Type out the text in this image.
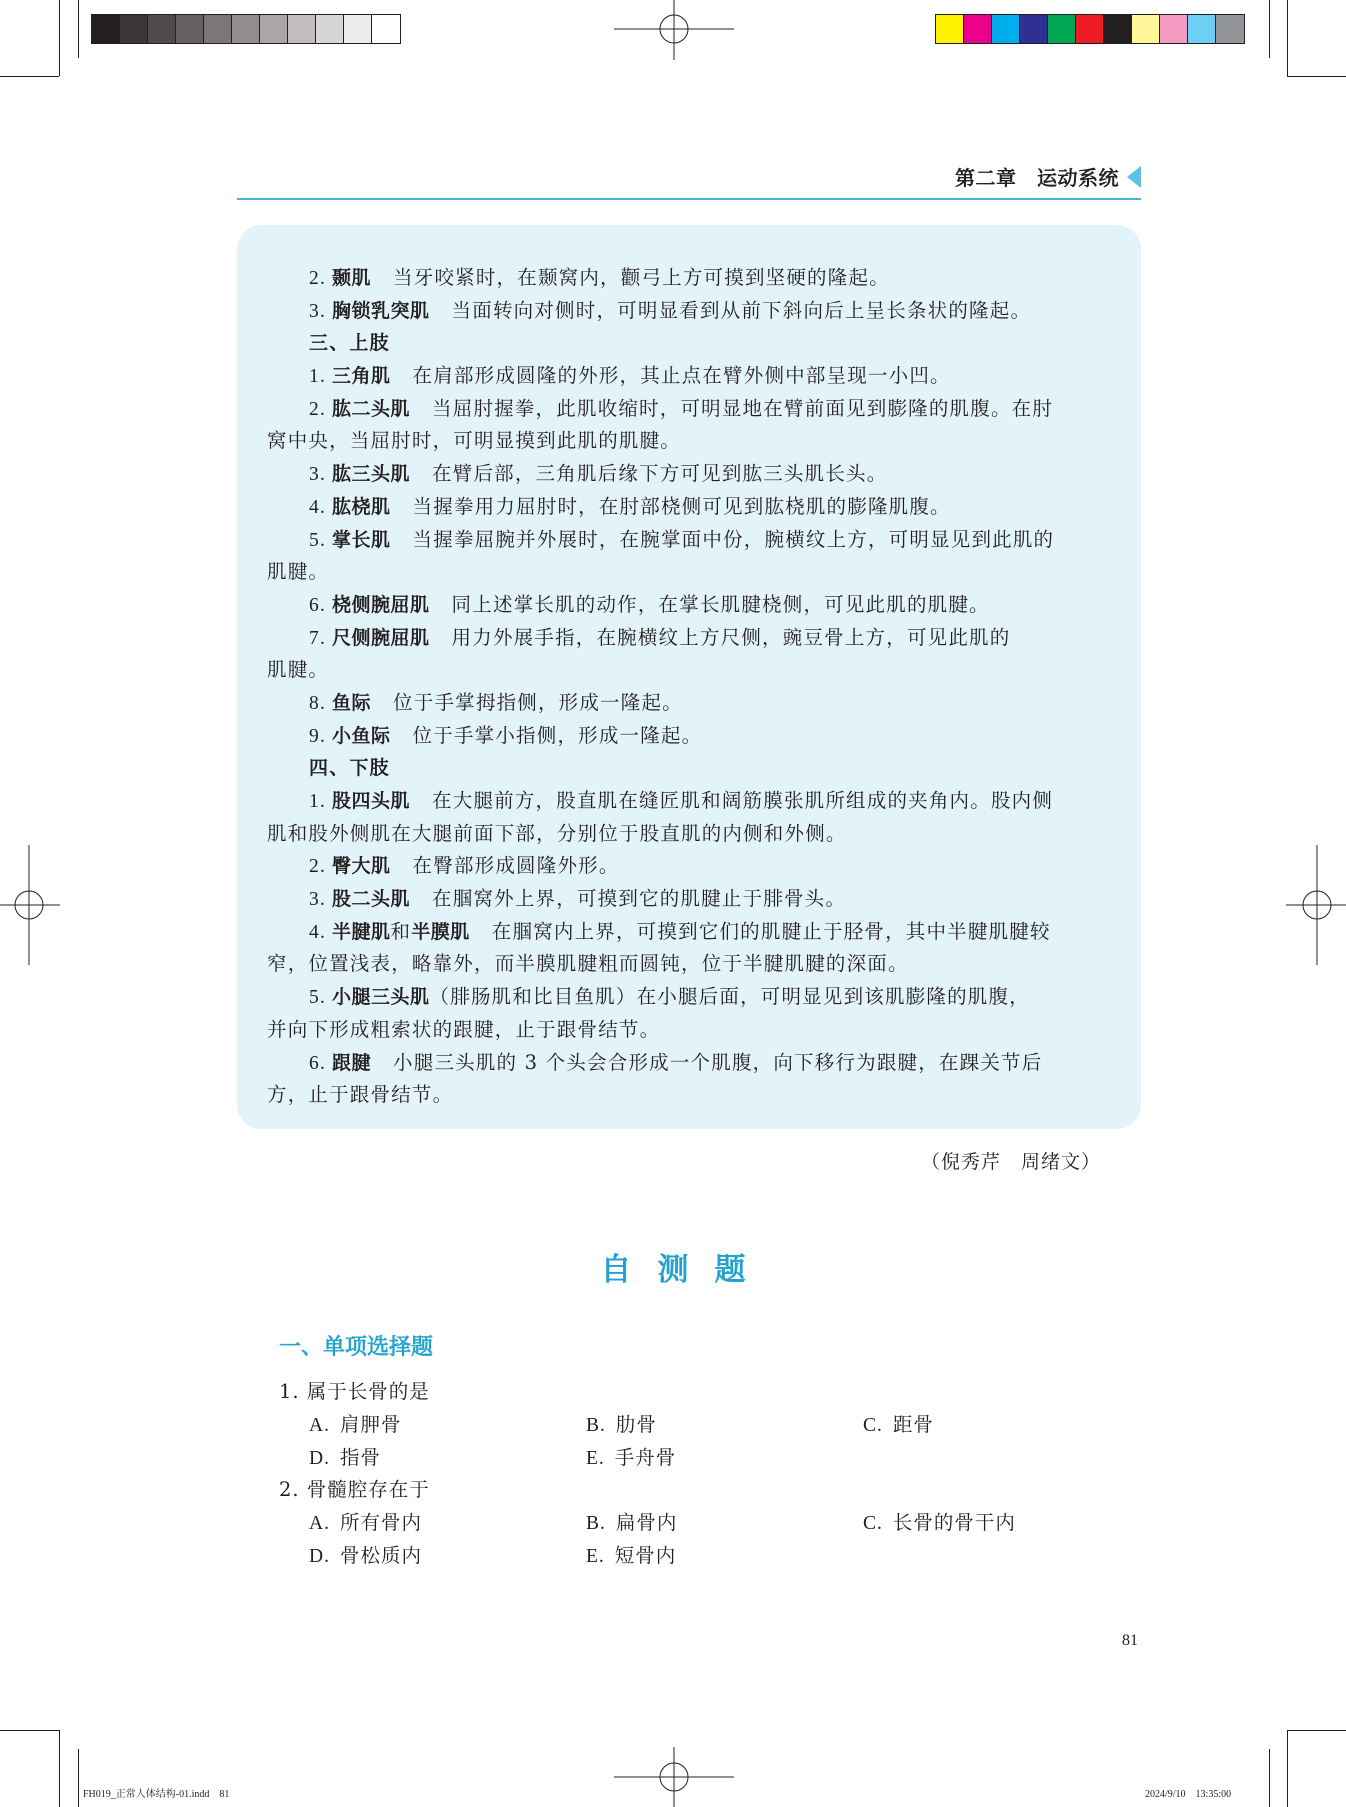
第二章　运动系统
2. 颞肌 当牙咬紧时，在颞窝内，颧弓上方可摸到坚硬的隆起。
3. 胸锁乳突肌 当面转向对侧时，可明显看到从前下斜向后上呈长条状的隆起。
三、上肢
1. 三角肌 在肩部形成圆隆的外形，其止点在臂外侧中部呈现一小凹。
2. 肱二头肌 当屈肘握拳，此肌收缩时，可明显地在臂前面见到膨隆的肌腹。在肘
窝中央，当屈肘时，可明显摸到此肌的肌腱。
3. 肱三头肌 在臂后部，三角肌后缘下方可见到肱三头肌长头。
4. 肱桡肌 当握拳用力屈肘时，在肘部桡侧可见到肱桡肌的膨隆肌腹。
5. 掌长肌 当握拳屈腕并外展时，在腕掌面中份，腕横纹上方，可明显见到此肌的
肌腱。
6. 桡侧腕屈肌 同上述掌长肌的动作，在掌长肌腱桡侧，可见此肌的肌腱。
7. 尺侧腕屈肌 用力外展手指，在腕横纹上方尺侧，豌豆骨上方，可见此肌的
肌腱。
8. 鱼际 位于手掌拇指侧，形成一隆起。
9. 小鱼际 位于手掌小指侧，形成一隆起。
四、下肢
1. 股四头肌 在大腿前方，股直肌在缝匠肌和阔筋膜张肌所组成的夹角内。股内侧
肌和股外侧肌在大腿前面下部，分别位于股直肌的内侧和外侧。
2. 臀大肌 在臀部形成圆隆外形。
3. 股二头肌 在腘窝外上界，可摸到它的肌腱止于腓骨头。
4. 半腱肌和半膜肌 在腘窝内上界，可摸到它们的肌腱止于胫骨，其中半腱肌腱较
窄，位置浅表，略靠外，而半膜肌腱粗而圆钝，位于半腱肌腱的深面。
5. 小腿三头肌（腓肠肌和比目鱼肌）在小腿后面，可明显见到该肌膨隆的肌腹，
并向下形成粗索状的跟腱，止于跟骨结节。
6. 跟腱 小腿三头肌的 3 个头会合形成一个肌腹，向下移行为跟腱，在踝关节后
方，止于跟骨结节。
（倪秀芹　周绪文）
自测题
一、单项选择题
1. 属于长骨的是
A. 肩胛骨	B. 肋骨	C. 距骨
D. 指骨	E. 手舟骨
2. 骨髓腔存在于
A. 所有骨内	B. 扁骨内	C. 长骨的骨干内
D. 骨松质内	E. 短骨内
81
FH019_正常人体结构-01.indd　81	2024/9/10　13:35:00
